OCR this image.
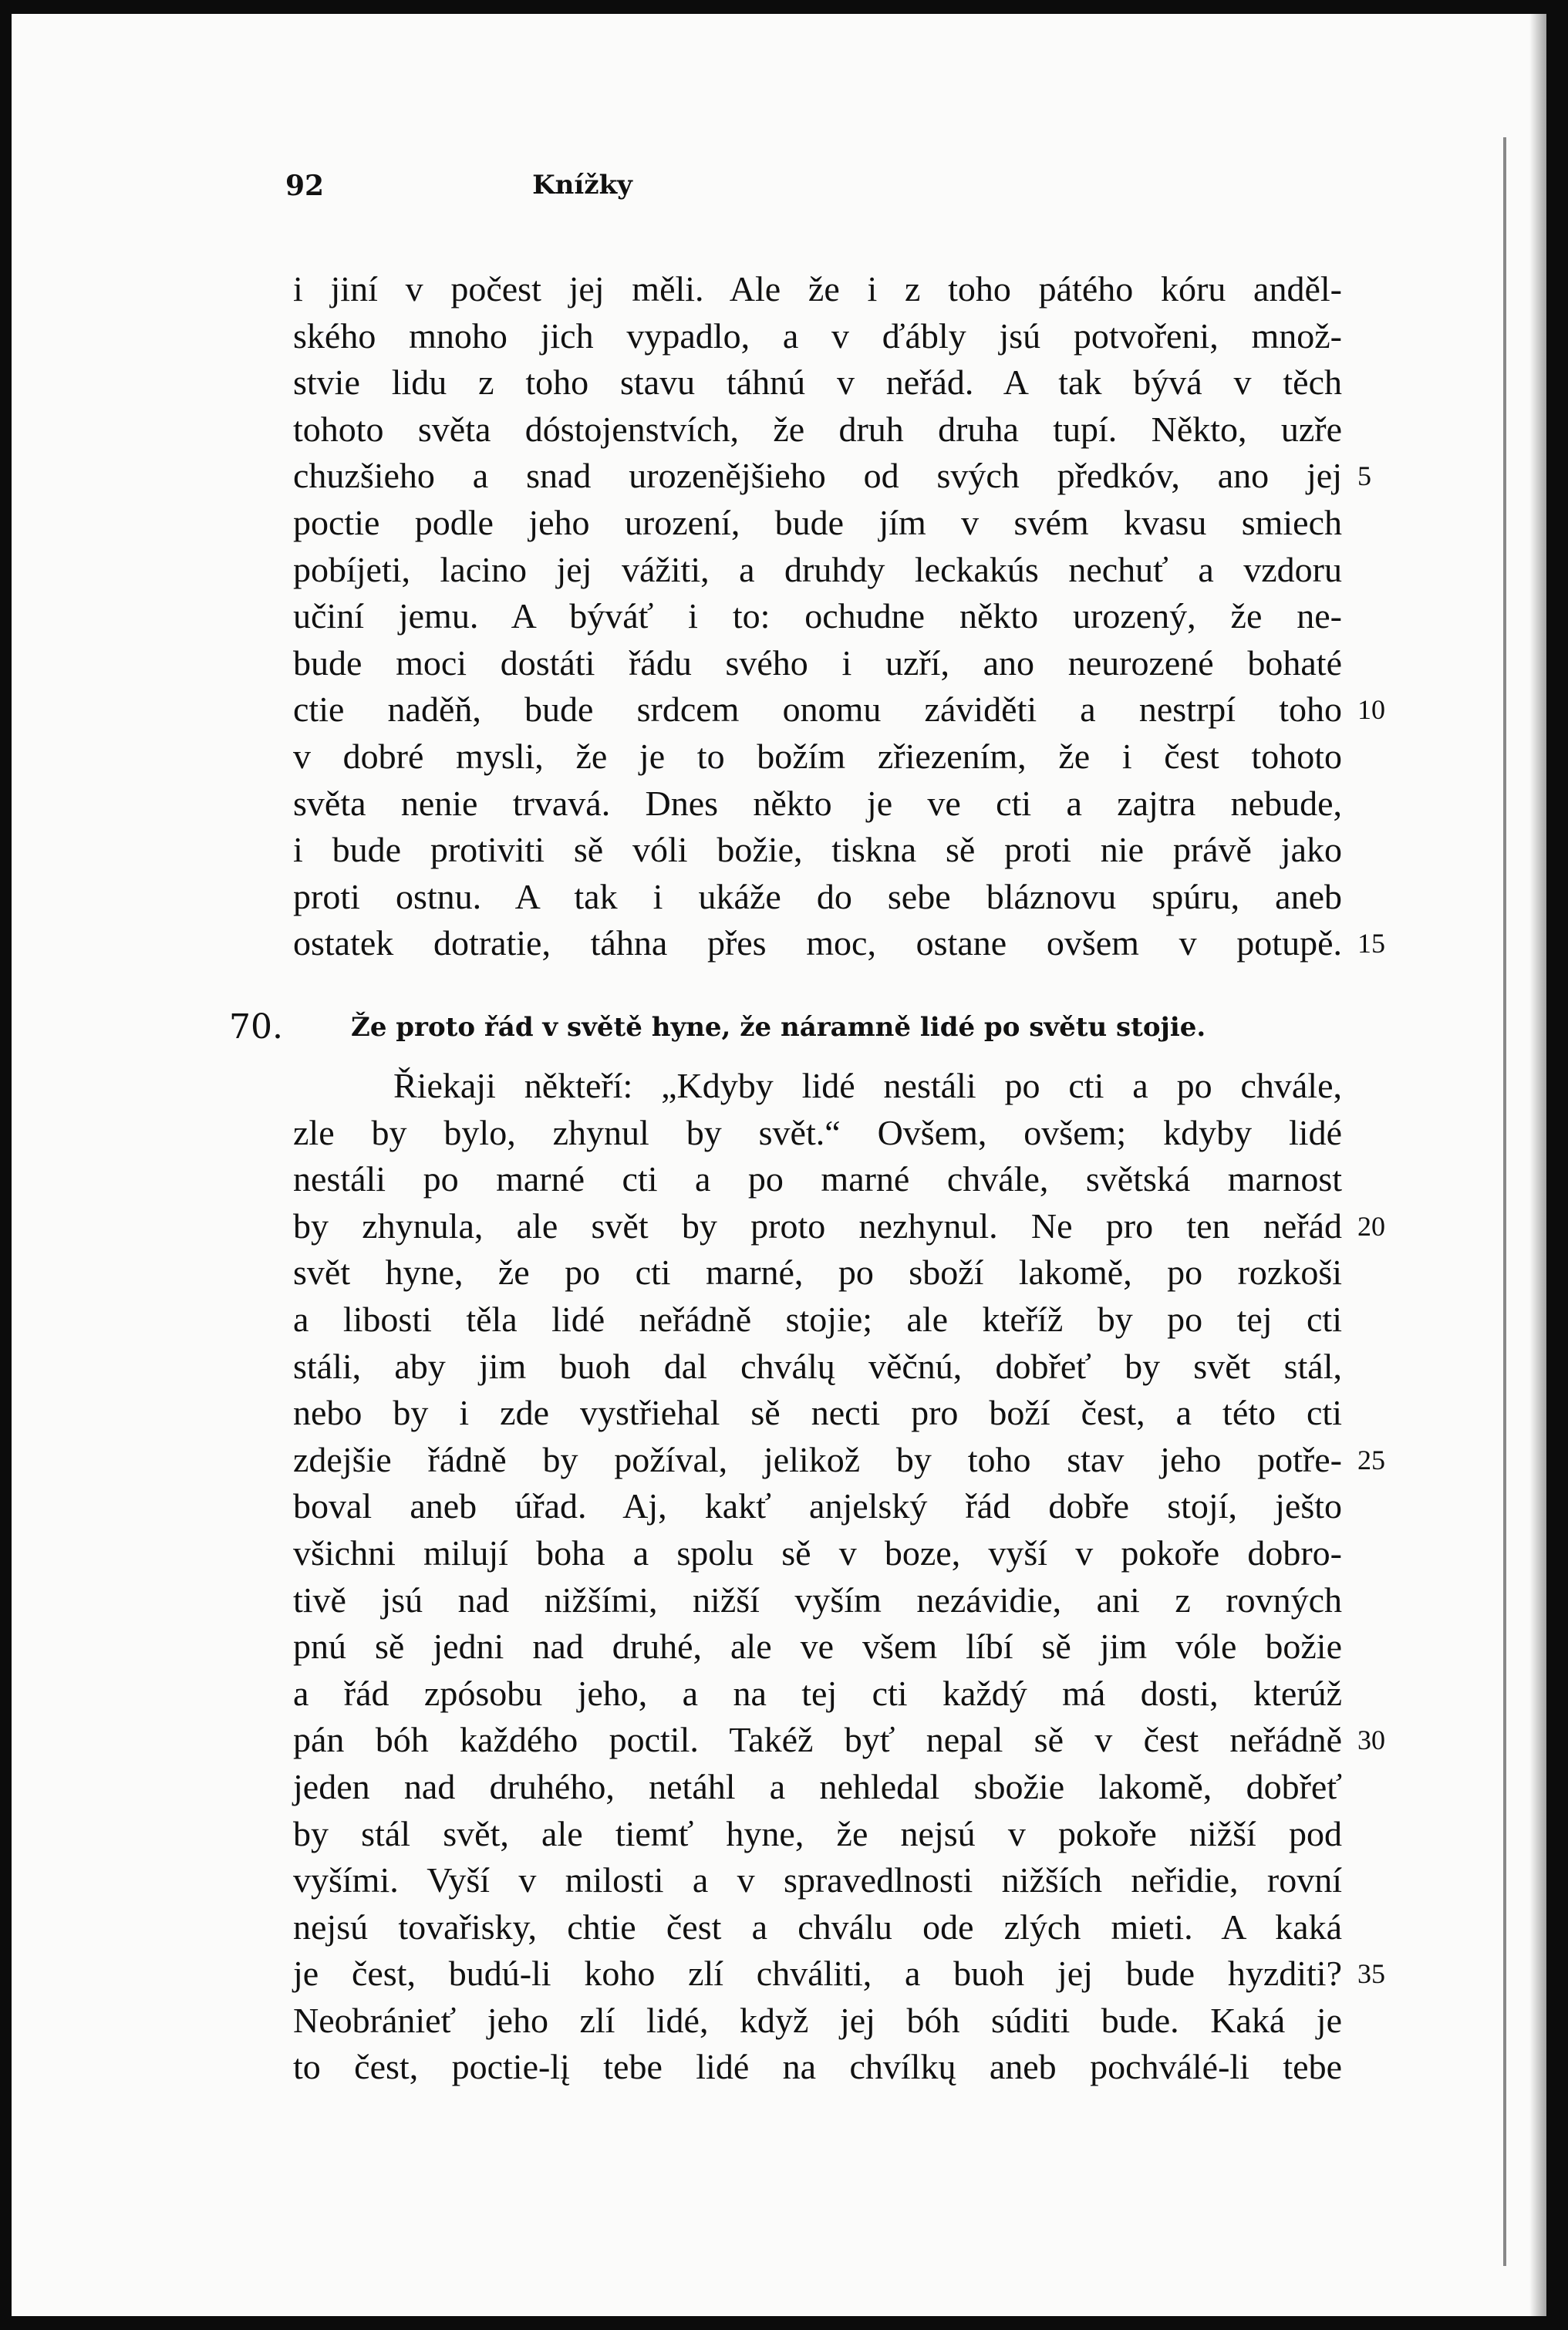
92	Knížky
i jiní v počest jej měli. Ale že i z toho pátého kóru anděl-
ského mnoho jich vypadlo, a v ďábly jsú potvořeni, množ-
stvie lidu z toho stavu táhnú v neřád. A tak bývá v těch
tohoto světa dóstojenstvích, že druh druha tupí. Někto, uzře
chuzšieho a snad urozenějšieho od svých předkóv, ano jej 5
poctie podle jeho urození, bude jím v svém kvasu smiech
pobíjeti, lacino jej vážiti, a druhdy leckakús nechuť a vzdoru
učiní jemu. A býváť i to: ochudne někto urozený, že ne-
bude moci dostáti řádu svého i uzří, ano neurozené bohaté
ctie naděň, bude srdcem onomu záviděti a nestrpí toho 10
v dobré mysli, že je to božím zřiezením, že i čest tohoto
světa nenie trvavá. Dnes někto je ve cti a zajtra nebude,
i bude protiviti sě vóli božie, tiskna sě proti nie právě jako
proti ostnu. A tak i ukáže do sebe bláznovu spúru, aneb
ostatek dotratie, táhna přes moc, ostane ovšem v potupě. 15
70.	Že proto řád v světě hyne, že náramně lidé po světu stojie.
Řiekaji někteří: „Kdyby lidé nestáli po cti a po chvále,
zle by bylo, zhynul by svět.“ Ovšem, ovšem; kdyby lidé
nestáli po marné cti a po marné chvále, světská marnost
by zhynula, ale svět by proto nezhynul. Ne pro ten neřád 20
svět hyne, že po cti marné, po sboží lakomě, po rozkoši
a libosti těla lidé neřádně stojie; ale kteříž by po tej cti
stáli, aby jim buoh dal chválų věčnú, dobřeť by svět stál,
nebo by i zde vystřiehal sě necti pro boží čest, a této cti
zdejšie řádně by požíval, jelikož by toho stav jeho potře- 25
boval aneb úřad. Aj, kakť anjelský řád dobře stojí, ješto
všichni milují boha a spolu sě v boze, vyší v pokoře dobro-
tivě jsú nad nižšími, nižší vyším nezávidie, ani z rovných
pnú sě jedni nad druhé, ale ve všem líbí sě jim vóle božie
a řád zpósobu jeho, a na tej cti každý má dosti, kterúž
pán bóh každého poctil. Takéž byť nepal sě v čest neřádně 30
jeden nad druhého, netáhl a nehledal sbožie lakomě, dobřeť
by stál svět, ale tiemť hyne, že nejsú v pokoře nižší pod
vyšími. Vyší v milosti a v spravedlnosti nižších neřidie, rovní
nejsú tovařisky, chtie čest a chválu ode zlých mieti. A kaká
je čest, budú-li koho zlí chváliti, a buoh jej bude hyzditi? 35
Neobránieť jeho zlí lidé, když jej bóh súditi bude. Kaká je
to čest, poctie-lį tebe lidé na chvílkų aneb pochválé-li tebe
